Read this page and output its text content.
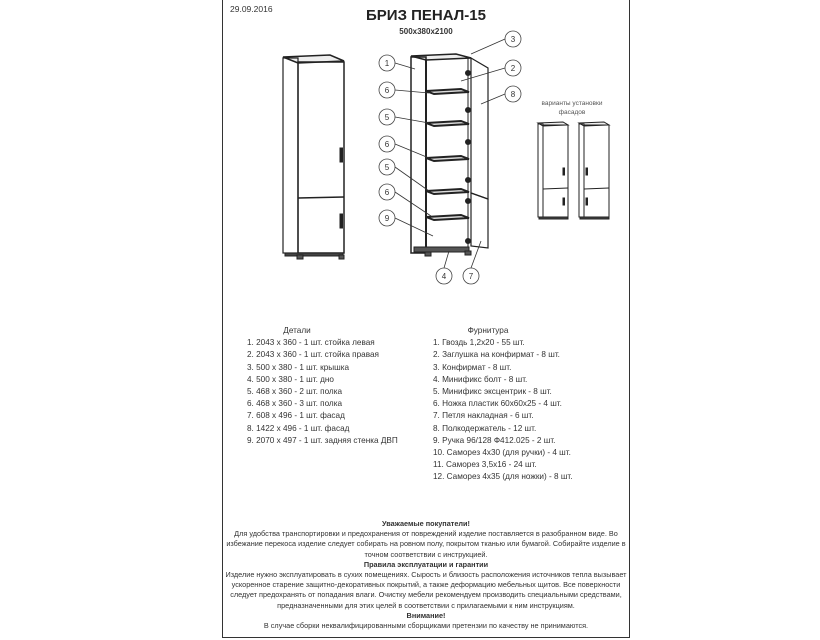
29.09.2016	БРИЗ ПЕНАЛ-15
500x380x2100
1
6
5
6
5
6
9
3
2
8
4	7
варианты установки
фасадов
Детали
1. 2043 x 360 - 1 шт. стойка левая
2. 2043 x 360 - 1 шт. стойка правая
3. 500 x 380 - 1 шт. крышка
4. 500 x 380 - 1 шт. дно
5. 468 x 360 - 2 шт. полка
6. 468 x 360 - 3 шт. полка
7. 608 x 496 - 1 шт. фасад
8. 1422 x 496 - 1 шт. фасад
9. 2070 x 497 - 1 шт. задняя стенка ДВП
Фурнитура
1. Гвоздь 1,2x20 - 55 шт.
2. Заглушка на конфирмат - 8 шт.
3. Конфирмат - 8 шт.
4. Минификс болт - 8 шт.
5. Минификс эксцентрик - 8 шт.
6. Ножка пластик 60x60x25 - 4 шт.
7. Петля накладная - 6 шт.
8. Полкодержатель - 12 шт.
9. Ручка 96/128 Ф412.025 - 2 шт.
10. Саморез 4x30 (для ручки) - 4 шт.
11. Саморез 3,5x16 - 24 шт.
12. Саморез 4x35 (для ножки) - 8 шт.
Уважаемые покупатели!
Для удобства транспортировки и предохранения от повреждений изделие поставляется в разобранном виде. Во
избежание перекоса изделие следует собирать на ровном полу, покрытом тканью или бумагой. Собирайте изделие в
точном соответствии с инструкцией.
Правила эксплуатации и гарантии
Изделие нужно эксплуатировать в сухих помещениях. Сырость и близость расположения источников тепла вызывает
ускоренное старение защитно-декоративных покрытий, а также деформацию мебельных щитов. Все поверхности
следует предохранять от попадания влаги. Очистку мебели рекомендуем производить специальными средствами,
предназначенными для этих целей в соответствии с прилагаемыми к ним инструкциям.
Внимание!
В случае сборки неквалифицированными сборщиками претензии по качеству не принимаются.
